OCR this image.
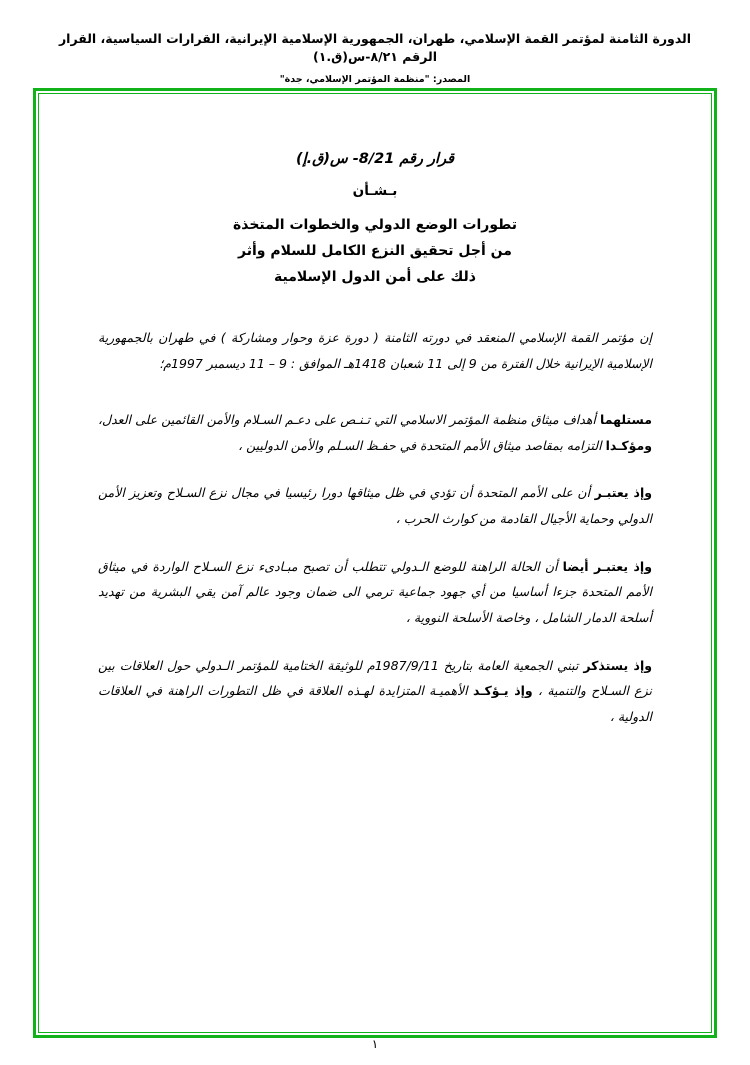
الدورة الثامنة لمؤتمر القمة الإسلامي، طهران، الجمهورية الإسلامية الإيرانية، القرارات السياسية، القرار الرقم ٨/٢١-س(ق.١)
المصدر: "منظمة المؤتمر الإسلامي، جدة"
قرار رقم 8/21- س(ق.إ)
بـشـأن
تطورات الوضع الدولي والخطوات المتخذة
من أجل تحقيق النزع الكامل للسلام وأثر
ذلك على أمن الدول الإسلامية
إن مؤتمر القمة الإسلامي المنعقد في دورته الثامنة ( دورة عزة وحوار ومشاركة ) في طهران بالجمهورية الإسلامية الإيرانية خلال الفترة من 9 إلى 11 شعبان 1418هـ الموافق : 9 – 11 ديسمبر 1997م؛
مستلهما أهداف ميثاق منظمة المؤتمر الاسلامي التي تـنـص على دعـم السـلام والأمن القائمين على العدل، ومؤكـدا التزامه بمقاصد ميثاق الأمم المتحدة في حفـظ السـلم والأمن الدوليين ،
وإذ يعتبـر أن على الأمم المتحدة أن تؤدي في ظل ميثاقها دورا رئيسيا في مجال نزع السـلاح وتعزيز الأمن الدولي وحماية الأجيال القادمة من كوارث الحرب ،
وإذ يعتبـر أيضا أن الحالة الراهنة للوضع الـدولي تتطلب أن تصبح مبـادىء نزع السـلاح الواردة في ميثاق الأمم المتحدة جزءا أساسيا من أي جهود جماعية ترمي الى ضمان وجود عالم آمن يقي البشرية من تهديد أسلحة الدمار الشامل ، وخاصة الأسلحة النووية ،
وإذ يستذكر تبني الجمعية العامة بتاريخ 1987/9/11م للوثيقة الختامية للمؤتمر الـدولي حول العلاقات بين نزع السـلاح والتنمية ، وإذ يـؤكـد الأهميـة المتزايدة لهـذه العلاقة في ظل التطورات الراهنة في العلاقات الدولية ،
١
